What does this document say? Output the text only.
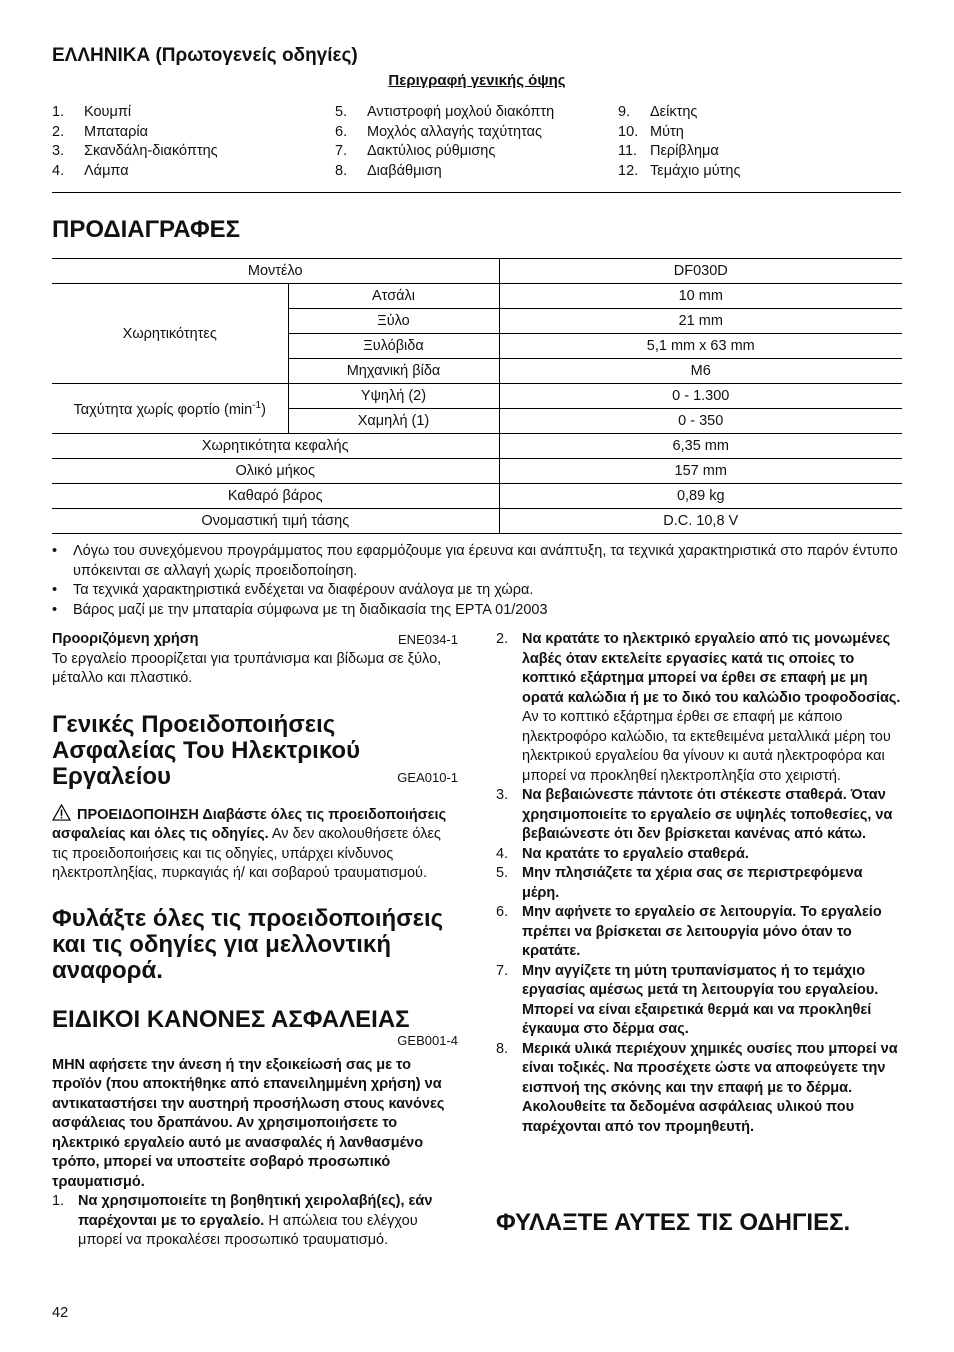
ΕΛΛΗΝΙΚΑ (Πρωτογενείς οδηγίες)
Περιγραφή γενικής όψης
1.	Κουμπί
2.	Μπαταρία
3.	Σκανδάλη-διακόπτης
4.	Λάμπα
5.	Αντιστροφή μοχλού διακόπτη
6.	Μοχλός αλλαγής ταχύτητας
7.	Δακτύλιος ρύθμισης
8.	Διαβάθμιση
9.	Δείκτης
10. Μύτη
11. Περίβλημα
12. Τεμάχιο μύτης
ΠΡΟΔΙΑΓΡΑΦΕΣ
Μοντέλο		DF030D
Χωρητικότητες	Ατσάλι	10 mm
	Ξύλο	21 mm
	Ξυλόβιδα	5,1 mm x 63 mm
	Μηχανική βίδα	M6
Ταχύτητα χωρίς φορτίο $(\min^{-1})$	Υψηλή (2)	0 - 1.300
	Χαμηλή (1)	0 - 350
Χωρητικότητα κεφαλής		6,35 mm
Ολικό μήκος		157 mm
Καθαρό βάρος		0,89 kg
Ονομαστική τιμή τάσης		D.C. 10,8 V
•	Λόγω του συνεχόμενου προγράμματος που εφαρμόζουμε για έρευνα και ανάπτυξη, τα τεχνικά χαρακτηριστικά στο παρόν έντυπο υπόκεινται σε αλλαγή χωρίς προειδοποίηση.
•	Τα τεχνικά χαρακτηριστικά ενδέχεται να διαφέρουν ανάλογα με τη χώρα.
•	Βάρος μαζί με την μπαταρία σύμφωνα με τη διαδικασία της EPTA 01/2003
Προοριζόμενη χρήση	ENE034-1
Το εργαλείο προορίζεται για τρυπάνισμα και βίδωμα σε ξύλο, μέταλλο και πλαστικό.
Γενικές Προειδοποιήσεις
Ασφαλείας Του Ηλεκτρικού
Εργαλείου	GEA010-1
ΠΡΟΕΙΔΟΠΟΙΗΣΗ Διαβάστε όλες τις προειδοποιήσεις ασφαλείας και όλες τις οδηγίες. Αν δεν ακολουθήσετε όλες τις προειδοποιήσεις και τις οδηγίες, υπάρχει κίνδυνος ηλεκτροπληξίας, πυρκαγιάς ή/ και σοβαρού τραυματισμού.
Φυλάξτε όλες τις προειδοποιήσεις και τις οδηγίες για μελλοντική αναφορά.
ΕΙΔΙΚΟΙ ΚΑΝΟΝΕΣ ΑΣΦΑΛΕΙΑΣ
GEB001-4
ΜΗΝ αφήσετε την άνεση ή την εξοικείωσή σας με το προϊόν (που αποκτήθηκε από επανειλημμένη χρήση) να αντικαταστήσει την αυστηρή προσήλωση στους κανόνες ασφάλειας του δραπάνου. Αν χρησιμοποιήσετε το ηλεκτρικό εργαλείο αυτό με ανασφαλές ή λανθασμένο τρόπο, μπορεί να υποστείτε σοβαρό προσωπικό τραυματισμό.
1. Να χρησιμοποιείτε τη βοηθητική χειρολαβή(ες), εάν παρέχονται με το εργαλείο. Η απώλεια του ελέγχου μπορεί να προκαλέσει προσωπικό τραυματισμό.
2. Να κρατάτε το ηλεκτρικό εργαλείο από τις μονωμένες λαβές όταν εκτελείτε εργασίες κατά τις οποίες το κοπτικό εξάρτημα μπορεί να έρθει σε επαφή με μη ορατά καλώδια ή με το δικό του καλώδιο τροφοδοσίας. Αν το κοπτικό εξάρτημα έρθει σε επαφή με κάποιο ηλεκτροφόρο καλώδιο, τα εκτεθειμένα μεταλλικά μέρη του ηλεκτρικού εργαλείου θα γίνουν κι αυτά ηλεκτροφόρα και μπορεί να προκληθεί ηλεκτροπληξία στο χειριστή.
3. Να βεβαιώνεστε πάντοτε ότι στέκεστε σταθερά. Όταν χρησιμοποιείτε το εργαλείο σε υψηλές τοποθεσίες, να βεβαιώνεστε ότι δεν βρίσκεται κανένας από κάτω.
4. Να κρατάτε το εργαλείο σταθερά.
5. Μην πλησιάζετε τα χέρια σας σε περιστρεφόμενα μέρη.
6. Μην αφήνετε το εργαλείο σε λειτουργία. Το εργαλείο πρέπει να βρίσκεται σε λειτουργία μόνο όταν το κρατάτε.
7. Μην αγγίζετε τη μύτη τρυπανίσματος ή το τεμάχιο εργασίας αμέσως μετά τη λειτουργία του εργαλείου. Μπορεί να είναι εξαιρετικά θερμά και να προκληθεί έγκαυμα στο δέρμα σας.
8. Μερικά υλικά περιέχουν χημικές ουσίες που μπορεί να είναι τοξικές. Να προσέχετε ώστε να αποφεύγετε την εισπνοή της σκόνης και την επαφή με το δέρμα. Ακολουθείτε τα δεδομένα ασφάλειας υλικού που παρέχονται από τον προμηθευτή.
ΦΥΛΑΞΤΕ ΑΥΤΕΣ ΤΙΣ ΟΔΗΓΙΕΣ.
42
